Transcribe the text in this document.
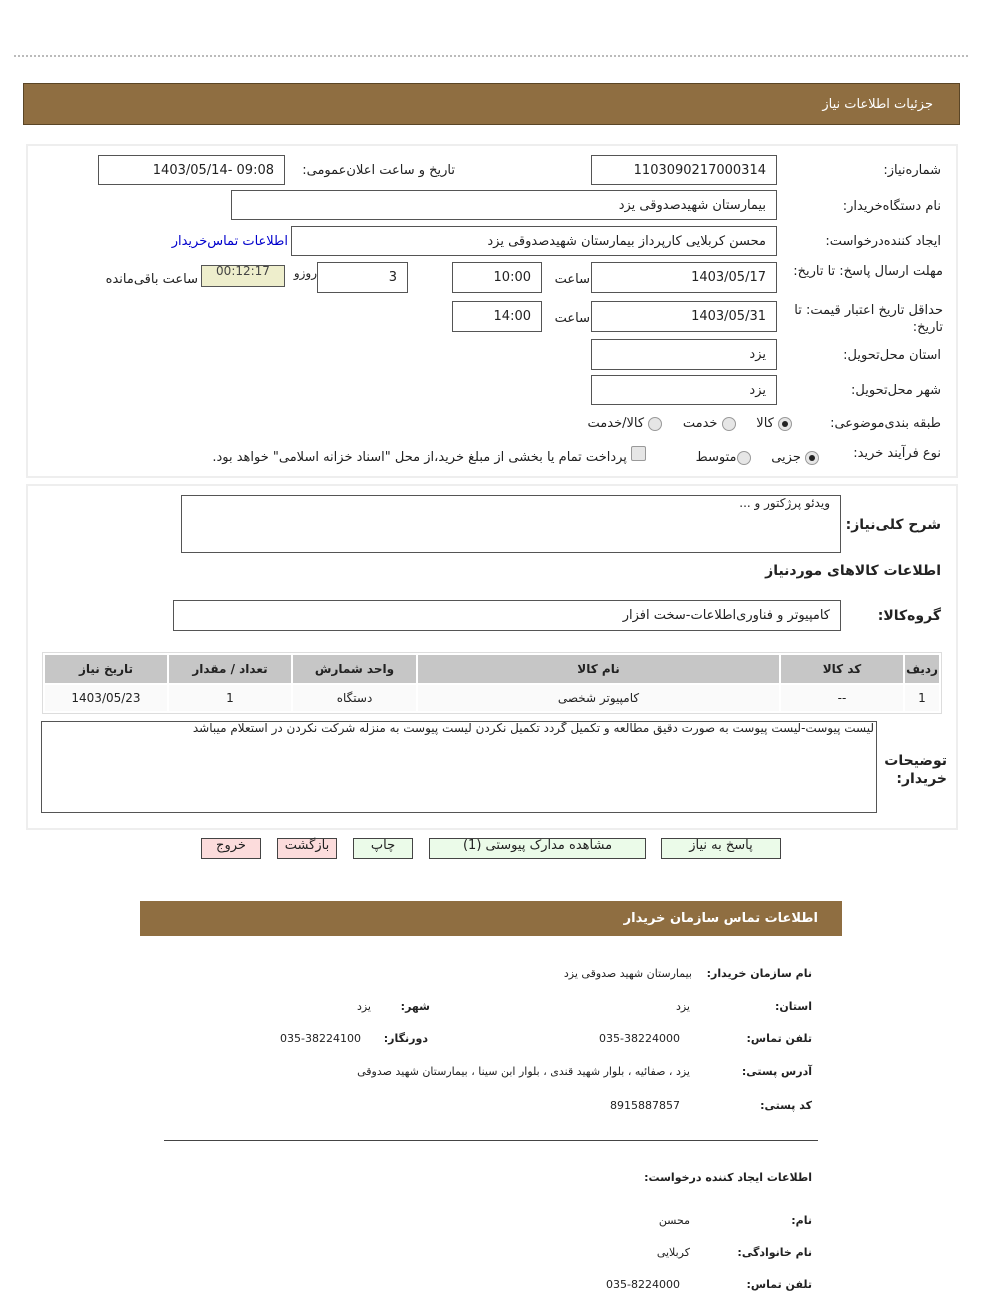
جزئیات اطلاعات نیاز
شماره‌نیاز:
1103090217000314
تاریخ و ساعت اعلان‌عمومی:
1403/05/14- 09:08
نام دستگاه‌خریدار:
بیمارستان شهیدصدوقی یزد
ایجاد کننده‌درخواست:
محسن کربلایی کارپرداز بیمارستان شهیدصدوقی یزد
اطلاعات تماس‌خریدار
مهلت ارسال پاسخ: تا تاریخ:
1403/05/17
ساعت
10:00
3
روزو
00:12:17
ساعت باقی‌مانده
حداقل تاریخ اعتبار قیمت: تا تاریخ:
1403/05/31
ساعت
14:00
استان محل‌تحویل:
یزد
شهر محل‌تحویل:
یزد
طبقه بندی‌موضوعی:
کالا      خدمت      کالا/خدمت
نوع فرآیند خرید:
جزیی     متوسط             پرداخت تمام یا بخشی از مبلغ خرید،از محل "اسناد خزانه اسلامی" خواهد بود.
شرح کلی‌نیاز:
ویدئو پرژکتور و ...
اطلاعات کالاهای مورد‌نیاز
گروه‌کالا:
کامپیوتر و فناوری‌اطلاعات-سخت افزار
ردیف	کد کالا	نام کالا	واحد شمارش	تعداد / مقدار	تاریخ نیاز
1	--	کامپیوتر شخصی	دستگاه	1	1403/05/23
توضیحات خریدار:
لیست پیوست-لیست پیوست به صورت دقیق مطالعه و تکمیل گردد تکمیل نکردن لیست پیوست به منزله شرکت نکردن در استعلام میباشد
پاسخ به نیاز
مشاهده مدارک پیوستی (1)
چاپ
بازگشت
خروج
اطلاعات تماس سازمان خریدار
نام سازمان خریدار:
بیمارستان شهید صدوقی یزد
استان:
یزد
شهر:
یزد
تلفن تماس:
035-38224000
دورنگار:
035-38224100
آدرس پستی:
یزد ، صفائیه ، بلوار شهید قندی ، بلوار ابن سینا ، بیمارستان شهید صدوقی
کد پستی:
8915887857
اطلاعات ایجاد کننده درخواست:
نام:
محسن
نام خانوادگی:
کربلایی
تلفن تماس:
035-8224000
